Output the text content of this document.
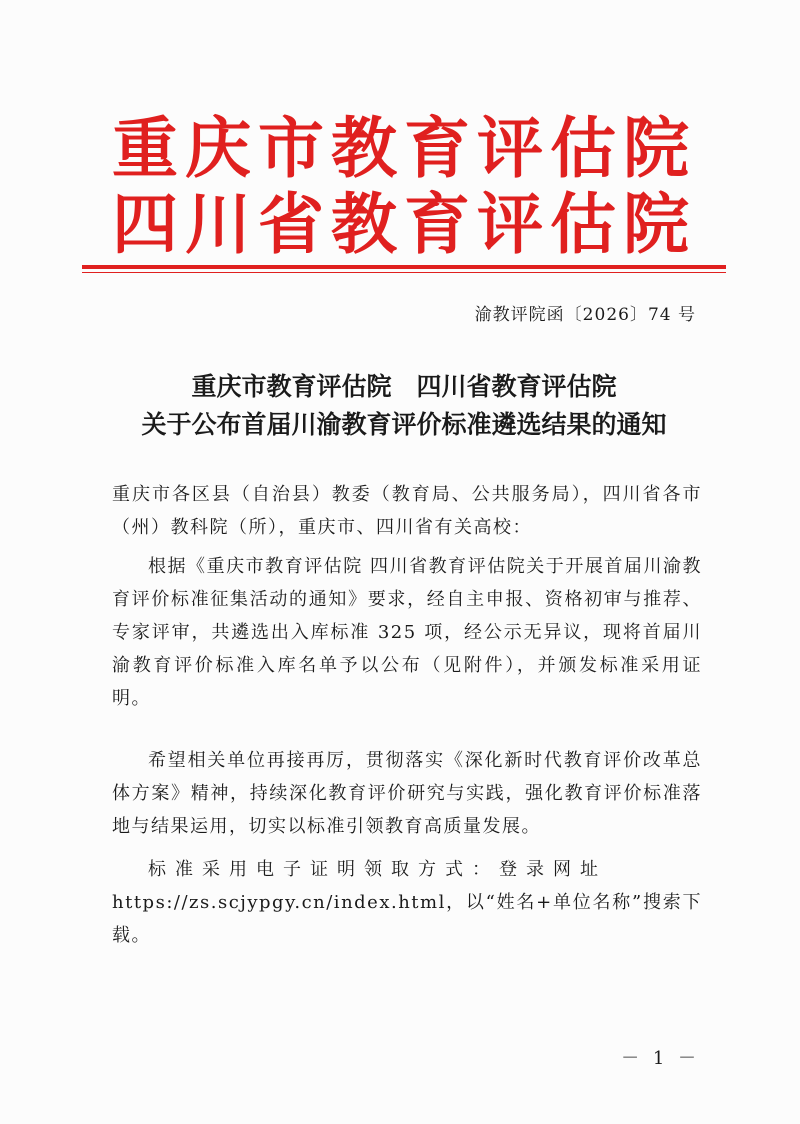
重庆市教育评估院
四川省教育评估院
渝教评院函〔2026〕74 号
重庆市教育评估院　四川省教育评估院
关于公布首届川渝教育评价标准遴选结果的通知

重庆市各区县（自治县）教委（教育局、公共服务局），四川省各市（州）教科院（所），重庆市、四川省有关高校：

根据《重庆市教育评估院 四川省教育评估院关于开展首届川渝教育评价标准征集活动的通知》要求，经自主申报、资格初审与推荐、专家评审，共遴选出入库标准 325 项，经公示无异议，现将首届川渝教育评价标准入库名单予以公布（见附件），并颁发标准采用证明。

希望相关单位再接再厉，贯彻落实《深化新时代教育评价改革总体方案》精神，持续深化教育评价研究与实践，强化教育评价标准落地与结果运用，切实以标准引领教育高质量发展。

标准采用电子证明领取方式：登录网址

https://zs.scjypgy.cn/index.html，以“姓名+单位名称”搜索下载。

－ 1 －
